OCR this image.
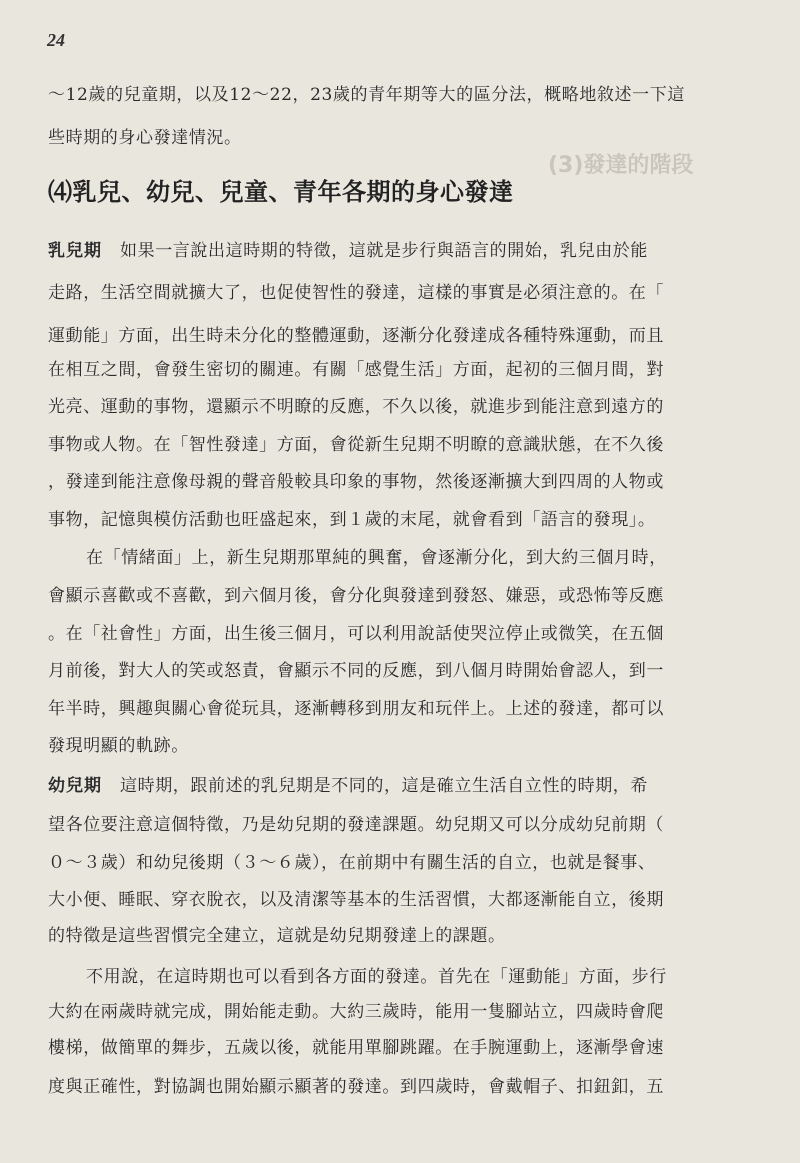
(3)發達的階段
24
～12歲的兒童期，以及12～22，23歲的青年期等大的區分法，概略地敘述一下這
些時期的身心發達情況。
⑷乳兒、幼兒、兒童、青年各期的身心發達
乳兒期 如果一言說出這時期的特徵，這就是步行與語言的開始，乳兒由於能
走路，生活空間就擴大了，也促使智性的發達，這樣的事實是必須注意的。在「
運動能」方面，出生時未分化的整體運動，逐漸分化發達成各種特殊運動，而且
在相互之間，會發生密切的關連。有關「感覺生活」方面，起初的三個月間，對
光亮、運動的事物，還顯示不明瞭的反應，不久以後，就進步到能注意到遠方的
事物或人物。在「智性發達」方面，會從新生兒期不明瞭的意識狀態，在不久後
，發達到能注意像母親的聲音般較具印象的事物，然後逐漸擴大到四周的人物或
事物，記憶與模仿活動也旺盛起來，到１歲的末尾，就會看到「語言的發現」。
在「情緒面」上，新生兒期那單純的興奮，會逐漸分化，到大約三個月時，
會顯示喜歡或不喜歡，到六個月後，會分化與發達到發怒、嫌惡，或恐怖等反應
。在「社會性」方面，出生後三個月，可以利用說話使哭泣停止或微笑，在五個
月前後，對大人的笑或怒責，會顯示不同的反應，到八個月時開始會認人，到一
年半時，興趣與關心會從玩具，逐漸轉移到朋友和玩伴上。上述的發達，都可以
發現明顯的軌跡。
幼兒期 這時期，跟前述的乳兒期是不同的，這是確立生活自立性的時期，希
望各位要注意這個特徵，乃是幼兒期的發達課題。幼兒期又可以分成幼兒前期（
０～３歲）和幼兒後期（３～６歲），在前期中有關生活的自立，也就是餐事、
大小便、睡眠、穿衣脫衣，以及清潔等基本的生活習慣，大都逐漸能自立，後期
的特徵是這些習慣完全建立，這就是幼兒期發達上的課題。
不用說，在這時期也可以看到各方面的發達。首先在「運動能」方面，步行
大約在兩歲時就完成，開始能走動。大約三歲時，能用一隻腳站立，四歲時會爬
樓梯，做簡單的舞步，五歲以後，就能用單腳跳躍。在手腕運動上，逐漸學會速
度與正確性，對協調也開始顯示顯著的發達。到四歲時，會戴帽子、扣鈕釦，五
